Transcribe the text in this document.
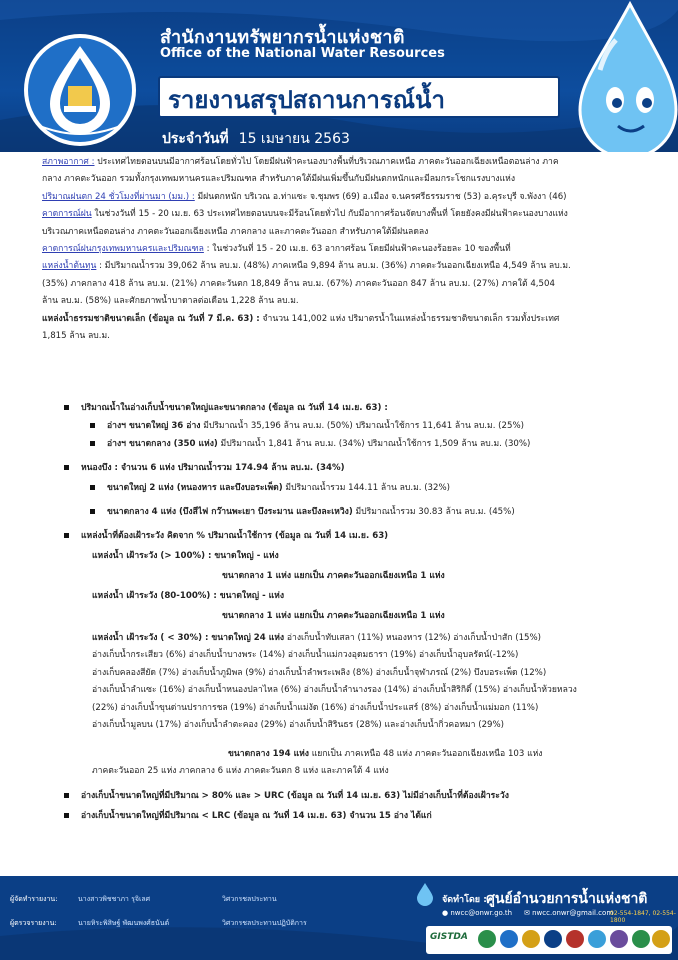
สำนักงานทรัพยากรน้ำแห่งชาติ
Office of the National Water Resources
รายงานสรุปสถานการณ์น้ำ
ประจำวันที่ 15 เมษายน 2563
สภาพอากาศ : ประเทศไทยตอนบนมีอากาศร้อนโดยทั่วไป โดยมีฝนฟ้าคะนองบางพื้นที่บริเวณภาคเหนือ ภาคตะวันออกเฉียงเหนือตอนล่าง ภาค
กลาง ภาคตะวันออก รวมทั้งกรุงเทพมหานครและปริมณฑล สำหรับภาคใต้มีฝนเพิ่มขึ้นกับมีฝนตกหนักและมีลมกระโชกแรงบางแห่ง
ปริมาณฝนตก 24 ชั่วโมงที่ผ่านมา (มม.) : มีฝนตกหนัก บริเวณ อ.ท่าแซะ จ.ชุมพร (69) อ.เมือง จ.นครศรีธรรมราช (53) อ.คุระบุรี จ.พังงา (46)
คาดการณ์ฝน ในช่วงวันที่ 15 - 20 เม.ย. 63 ประเทศไทยตอนบนจะมีร้อนโดยทั่วไป กับมีอากาศร้อนจัดบางพื้นที่ โดยยังคงมีฝนฟ้าคะนองบางแห่ง
บริเวณภาคเหนือตอนล่าง ภาคตะวันออกเฉียงเหนือ ภาคกลาง และภาคตะวันออก สำหรับภาคใต้มีฝนลดลง
คาดการณ์ฝนกรุงเทพมหานครและปริมณฑล : ในช่วงวันที่ 15 - 20 เม.ย. 63 อากาศร้อน โดยมีฝนฟ้าคะนองร้อยละ 10 ของพื้นที่
แหล่งน้ำต้นทุน : มีปริมาณน้ำรวม 39,062 ล้าน ลบ.ม. (48%) ภาคเหนือ 9,894 ล้าน ลบ.ม. (36%) ภาคตะวันออกเฉียงเหนือ 4,549 ล้าน ลบ.ม.
(35%) ภาคกลาง 418 ล้าน ลบ.ม. (21%) ภาคตะวันตก 18,849 ล้าน ลบ.ม. (67%) ภาคตะวันออก 847 ล้าน ลบ.ม. (27%) ภาคใต้ 4,504
ล้าน ลบ.ม. (58%) และศักยภาพน้ำบาดาลต่อเดือน 1,228 ล้าน ลบ.ม.
แหล่งน้ำธรรมชาติขนาดเล็ก (ข้อมูล ณ วันที่ 7 มี.ค. 63) : จำนวน 141,002 แห่ง ปริมาตรน้ำในแหล่งน้ำธรรมชาติขนาดเล็ก รวมทั้งประเทศ
1,815 ล้าน ลบ.ม.
ปริมาณน้ำในอ่างเก็บน้ำขนาดใหญ่และขนาดกลาง (ข้อมูล ณ วันที่ 14 เม.ย. 63) :
อ่างฯ ขนาดใหญ่ 36 อ่าง มีปริมาณน้ำ 35,196 ล้าน ลบ.ม. (50%) ปริมาณน้ำใช้การ 11,641 ล้าน ลบ.ม. (25%)
อ่างฯ ขนาดกลาง (350 แห่ง) มีปริมาณน้ำ 1,841 ล้าน ลบ.ม. (34%) ปริมาณน้ำใช้การ 1,509 ล้าน ลบ.ม. (30%)
หนองบึง : จำนวน 6 แห่ง ปริมาณน้ำรวม 174.94 ล้าน ลบ.ม. (34%)
ขนาดใหญ่ 2 แห่ง (หนองหาร และบึงบอระเพ็ด) มีปริมาณน้ำรวม 144.11 ล้าน ลบ.ม. (32%)
ขนาดกลาง 4 แห่ง (บึงสีไฟ กว๊านพะเยา บึงระมาน และบึงละเหวิง) มีปริมาณน้ำรวม 30.83 ล้าน ลบ.ม. (45%)
แหล่งน้ำที่ต้องเฝ้าระวัง คิดจาก % ปริมาณน้ำใช้การ (ข้อมูล ณ วันที่ 14 เม.ย. 63)
แหล่งน้ำ เฝ้าระวัง (> 100%) : ขนาดใหญ่ - แห่ง
ขนาดกลาง 1 แห่ง แยกเป็น ภาคตะวันออกเฉียงเหนือ 1 แห่ง
แหล่งน้ำ เฝ้าระวัง (80-100%) : ขนาดใหญ่ - แห่ง
ขนาดกลาง 1 แห่ง แยกเป็น ภาคตะวันออกเฉียงเหนือ 1 แห่ง
แหล่งน้ำ เฝ้าระวัง ( < 30%) : ขนาดใหญ่ 24 แห่ง อ่างเก็บน้ำทับเสลา (11%) หนองหาร (12%) อ่างเก็บน้ำป่าสัก (15%)
อ่างเก็บน้ำกระเสียว (6%) อ่างเก็บน้ำบางพระ (14%) อ่างเก็บน้ำแม่กวงอุดมธารา (19%) อ่างเก็บน้ำอุบลรัตน์(-12%)
อ่างเก็บคลองสียัด (7%) อ่างเก็บน้ำภูมิพล (9%) อ่างเก็บน้ำลำพระเพลิง (8%) อ่างเก็บน้ำจุฬาภรณ์ (2%) บึงบอระเพ็ด (12%)
อ่างเก็บน้ำลำแซะ (16%) อ่างเก็บน้ำหนองปลาไหล (6%) อ่างเก็บน้ำลำนางรอง (14%) อ่างเก็บน้ำสิริกิติ์ (15%) อ่างเก็บน้ำห้วยหลวง
(22%) อ่างเก็บน้ำขุนด่านปราการชล (19%) อ่างเก็บน้ำแม่งัด (16%) อ่างเก็บน้ำประแสร์ (8%) อ่างเก็บน้ำแม่มอก (11%)
อ่างเก็บน้ำมูลบน (17%) อ่างเก็บน้ำลำตะคอง (29%) อ่างเก็บน้ำสิรินธร (28%) และอ่างเก็บน้ำกิ่วคอหมา (29%)
ขนาดกลาง 194 แห่ง แยกเป็น ภาคเหนือ 48 แห่ง ภาคตะวันออกเฉียงเหนือ 103 แห่ง
ภาคตะวันออก 25 แห่ง ภาคกลาง 6 แห่ง ภาคตะวันตก 8 แห่ง และภาคใต้ 4 แห่ง
อ่างเก็บน้ำขนาดใหญ่ที่มีปริมาณ > 80% และ > URC (ข้อมูล ณ วันที่ 14 เม.ย. 63) ไม่มีอ่างเก็บน้ำที่ต้องเฝ้าระวัง
อ่างเก็บน้ำขนาดใหญ่ที่มีปริมาณ < LRC (ข้อมูล ณ วันที่ 14 เม.ย. 63) จำนวน 15 อ่าง ได้แก่
ผู้จัดทำรายงาน:	นางสาวพิชชาภา รุจิเลศ	วิศวกรชลประทาน
ผู้ตรวจรายงาน:	นายหิระพิสิษฐ์ พัฒนพงศ์ธนันต์	วิศวกรชลประทานปฏิบัติการ
จัดทำโดย : ศูนย์อำนวยการน้ำแห่งชาติ
● nwcc@onwr.go.th ✉ nwcc.onwr@gmail.com
02-554-1847, 02-554-1800
GISTDA
